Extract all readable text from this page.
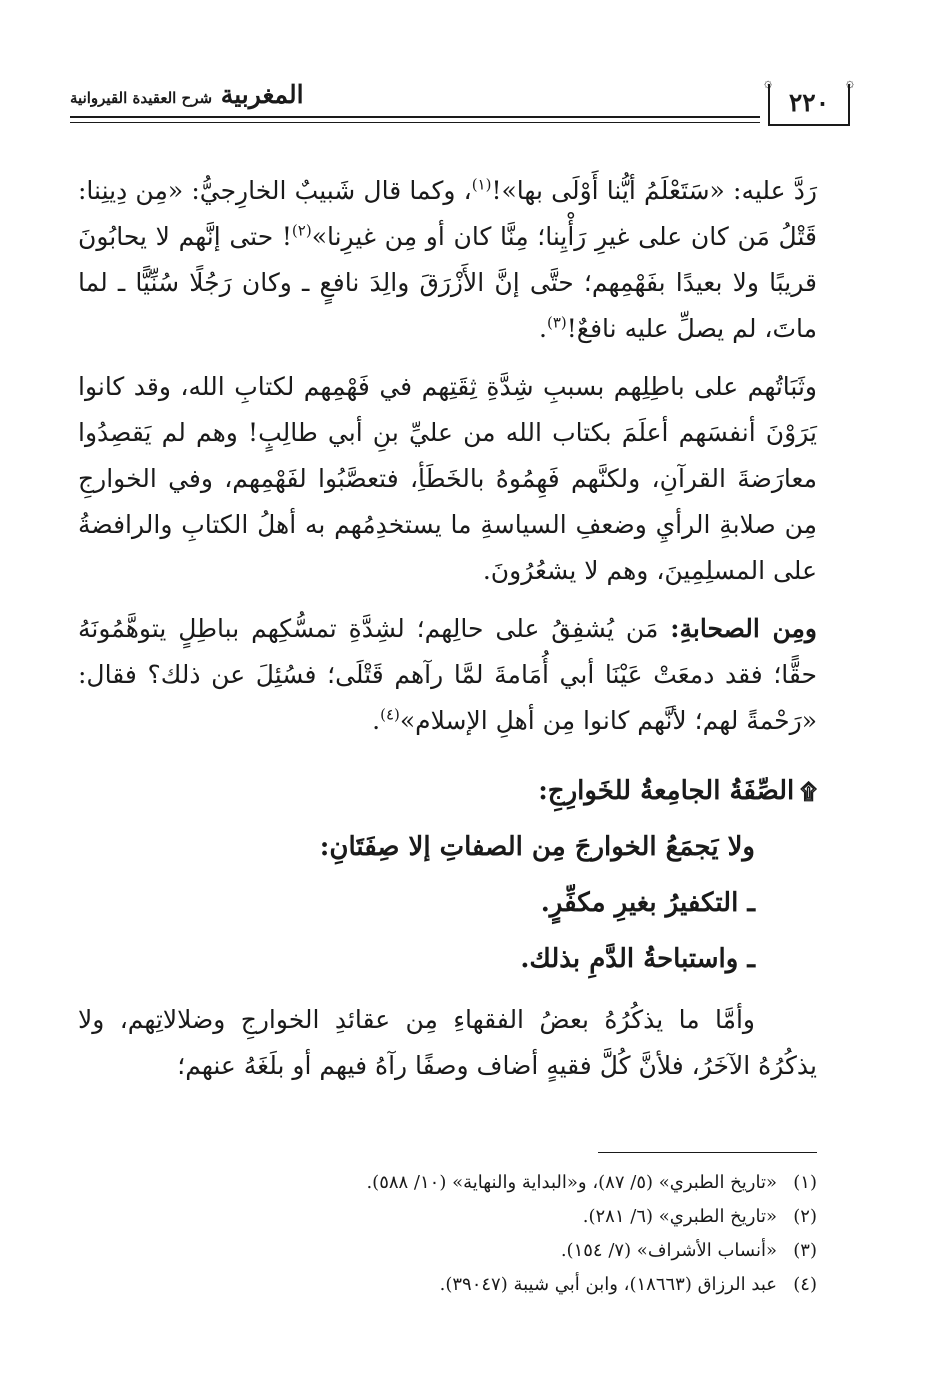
المغربية شرح العقيدة القيروانية
۞	۞
٢٢٠

رَدَّ عليه: «سَتَعْلَمُ أيُّنا أَوْلَى بها»!$^{(١)}$، وكما قال شَبيبٌ الخارِجيُّ: «مِن دِينِنا: قَتْلُ مَن كان على غيرِ رَأْيِنا؛ مِنَّا كان أو مِن غيرِنا»$^{(٢)}$! حتى إنَّهم لا يحابُونَ قريبًا ولا بعيدًا بفَهْمِهم؛ حتَّى إنَّ الأَزْرَقَ والِدَ نافعٍ ـ وكان رَجُلًا سُنِّيًّا ـ لما ماتَ، لم يصلِّ عليه نافعٌ!$^{(٣)}$.

وثَبَاتُهم على باطِلِهم بسببِ شِدَّةِ ثِقَتِهم في فَهْمِهم لكتابِ الله، وقد كانوا يَرَوْنَ أنفسَهم أعلَمَ بكتاب الله من عليِّ بنِ أبي طالِبٍ! وهم لم يَقصِدُوا معارَضةَ القرآنِ، ولكنَّهم فَهِمُوهُ بالخَطَأِ، فتعصَّبُوا لفَهْمِهم، وفي الخوارجِ مِن صلابةِ الرأيِ وضعفِ السياسةِ ما يستخدِمُهم به أهلُ الكتابِ والرافضةُ على المسلِمِينَ، وهم لا يشعُرُونَ.

ومِن الصحابةِ: مَن يُشفِقُ على حالِهم؛ لشِدَّةِ تمسُّكِهم بباطِلٍ يتوهَّمُونَهُ حقًّا؛ فقد دمعَتْ عَيْنَا أبي أُمَامةَ لمَّا رآهم قَتْلَى؛ فسُئِلَ عن ذلك؟ فقال: «رَحْمةً لهم؛ لأنَّهم كانوا مِن أهلِ الإسلام»$^{(٤)}$.

۩الصِّفَةُ الجامِعةُ للخَوارِجِ:

ولا يَجمَعُ الخوارجَ مِن الصفاتِ إلا صِفَتَانِ:

ـ التكفيرُ بغيرِ مكفِّرٍ.

ـ واستباحةُ الدَّمِ بذلك.

وأمَّا ما يذكُرُهُ بعضُ الفقهاءِ مِن عقائدِ الخوارجِ وضلالاتِهم، ولا يذكُرُهُ الآخَرُ، فلأنَّ كُلَّ فقيهٍ أضاف وصفًا رآهُ فيهم أو بلَغَهُ عنهم؛

(١)«تاريخ الطبري» (٥/ ٨٧)، و«البداية والنهاية» (١٠/ ٥٨٨).
(٢)«تاريخ الطبري» (٦/ ٢٨١).
(٣)«أنساب الأشراف» (٧/ ١٥٤).
(٤)عبد الرزاق (١٨٦٦٣)، وابن أبي شيبة (٣٩٠٤٧).
